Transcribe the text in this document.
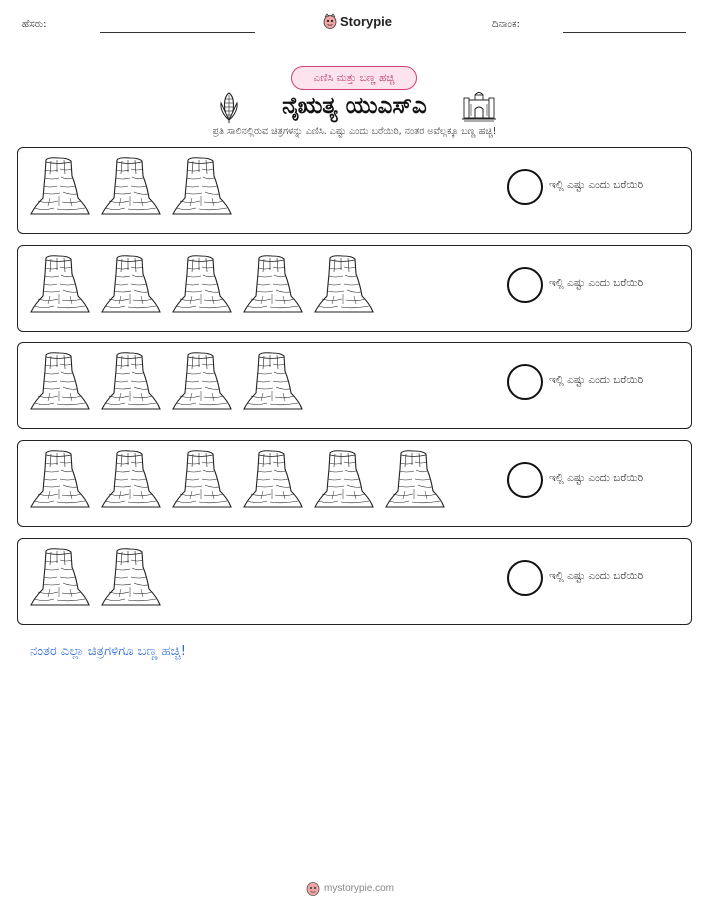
ಹೆಸರು:	Storypie	ದಿನಾಂಕ:
ಎಣಿಸಿ ಮತ್ತು ಬಣ್ಣ ಹಚ್ಚಿ
ನೈಋತ್ಯ ಯುಎಸ್ಎ
ಪ್ರತಿ ಸಾಲಿನಲ್ಲಿರುವ ಚಿತ್ರಗಳನ್ನು ಎಣಿಸಿ. ಎಷ್ಟು ಎಂದು ಬರೆಯಿರಿ, ನಂತರ ಅವೆಲ್ಲಕ್ಕೂ ಬಣ್ಣ ಹಚ್ಚಿ!
ಇಲ್ಲಿ ಎಷ್ಟು ಎಂದು ಬರೆಯಿರಿ
ಇಲ್ಲಿ ಎಷ್ಟು ಎಂದು ಬರೆಯಿರಿ
ಇಲ್ಲಿ ಎಷ್ಟು ಎಂದು ಬರೆಯಿರಿ
ಇಲ್ಲಿ ಎಷ್ಟು ಎಂದು ಬರೆಯಿರಿ
ಇಲ್ಲಿ ಎಷ್ಟು ಎಂದು ಬರೆಯಿರಿ
ನಂತರ ಎಲ್ಲಾ ಚಿತ್ರಗಳಿಗೂ ಬಣ್ಣ ಹಚ್ಚಿ!
mystorypie.com
